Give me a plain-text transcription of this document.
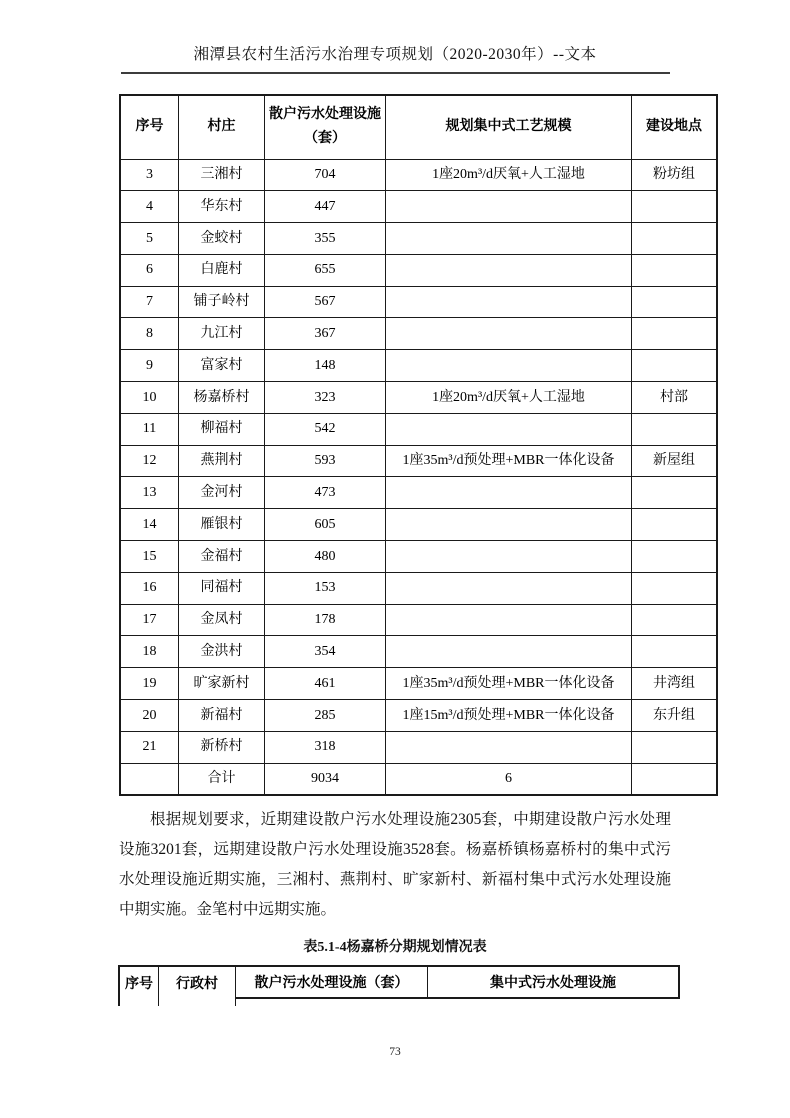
湘潭县农村生活污水治理专项规划（2020-2030年）--文本
序号	村庄	散户污水处理设施（套）	规划集中式工艺规模	建设地点
3	三湘村	704	1座20m³/d厌氧+人工湿地	粉坊组
4	华东村	447		
5	金蛟村	355		
6	白鹿村	655		
7	铺子岭村	567		
8	九江村	367		
9	富家村	148		
10	杨嘉桥村	323	1座20m³/d厌氧+人工湿地	村部
11	柳福村	542		
12	燕荆村	593	1座35m³/d预处理+MBR一体化设备	新屋组
13	金河村	473		
14	雁银村	605		
15	金福村	480		
16	同福村	153		
17	金凤村	178		
18	金洪村	354		
19	旷家新村	461	1座35m³/d预处理+MBR一体化设备	井湾组
20	新福村	285	1座15m³/d预处理+MBR一体化设备	东升组
21	新桥村	318		
	合计	9034	6	

根据规划要求，近期建设散户污水处理设施2305套，中期建设散户污水处理设施3201套，远期建设散户污水处理设施3528套。杨嘉桥镇杨嘉桥村的集中式污水处理设施近期实施，三湘村、燕荆村、旷家新村、新福村集中式污水处理设施中期实施。金笔村中远期实施。

表5.1-4杨嘉桥分期规划情况表
序号	行政村	散户污水处理设施（套）	集中式污水处理设施
73
